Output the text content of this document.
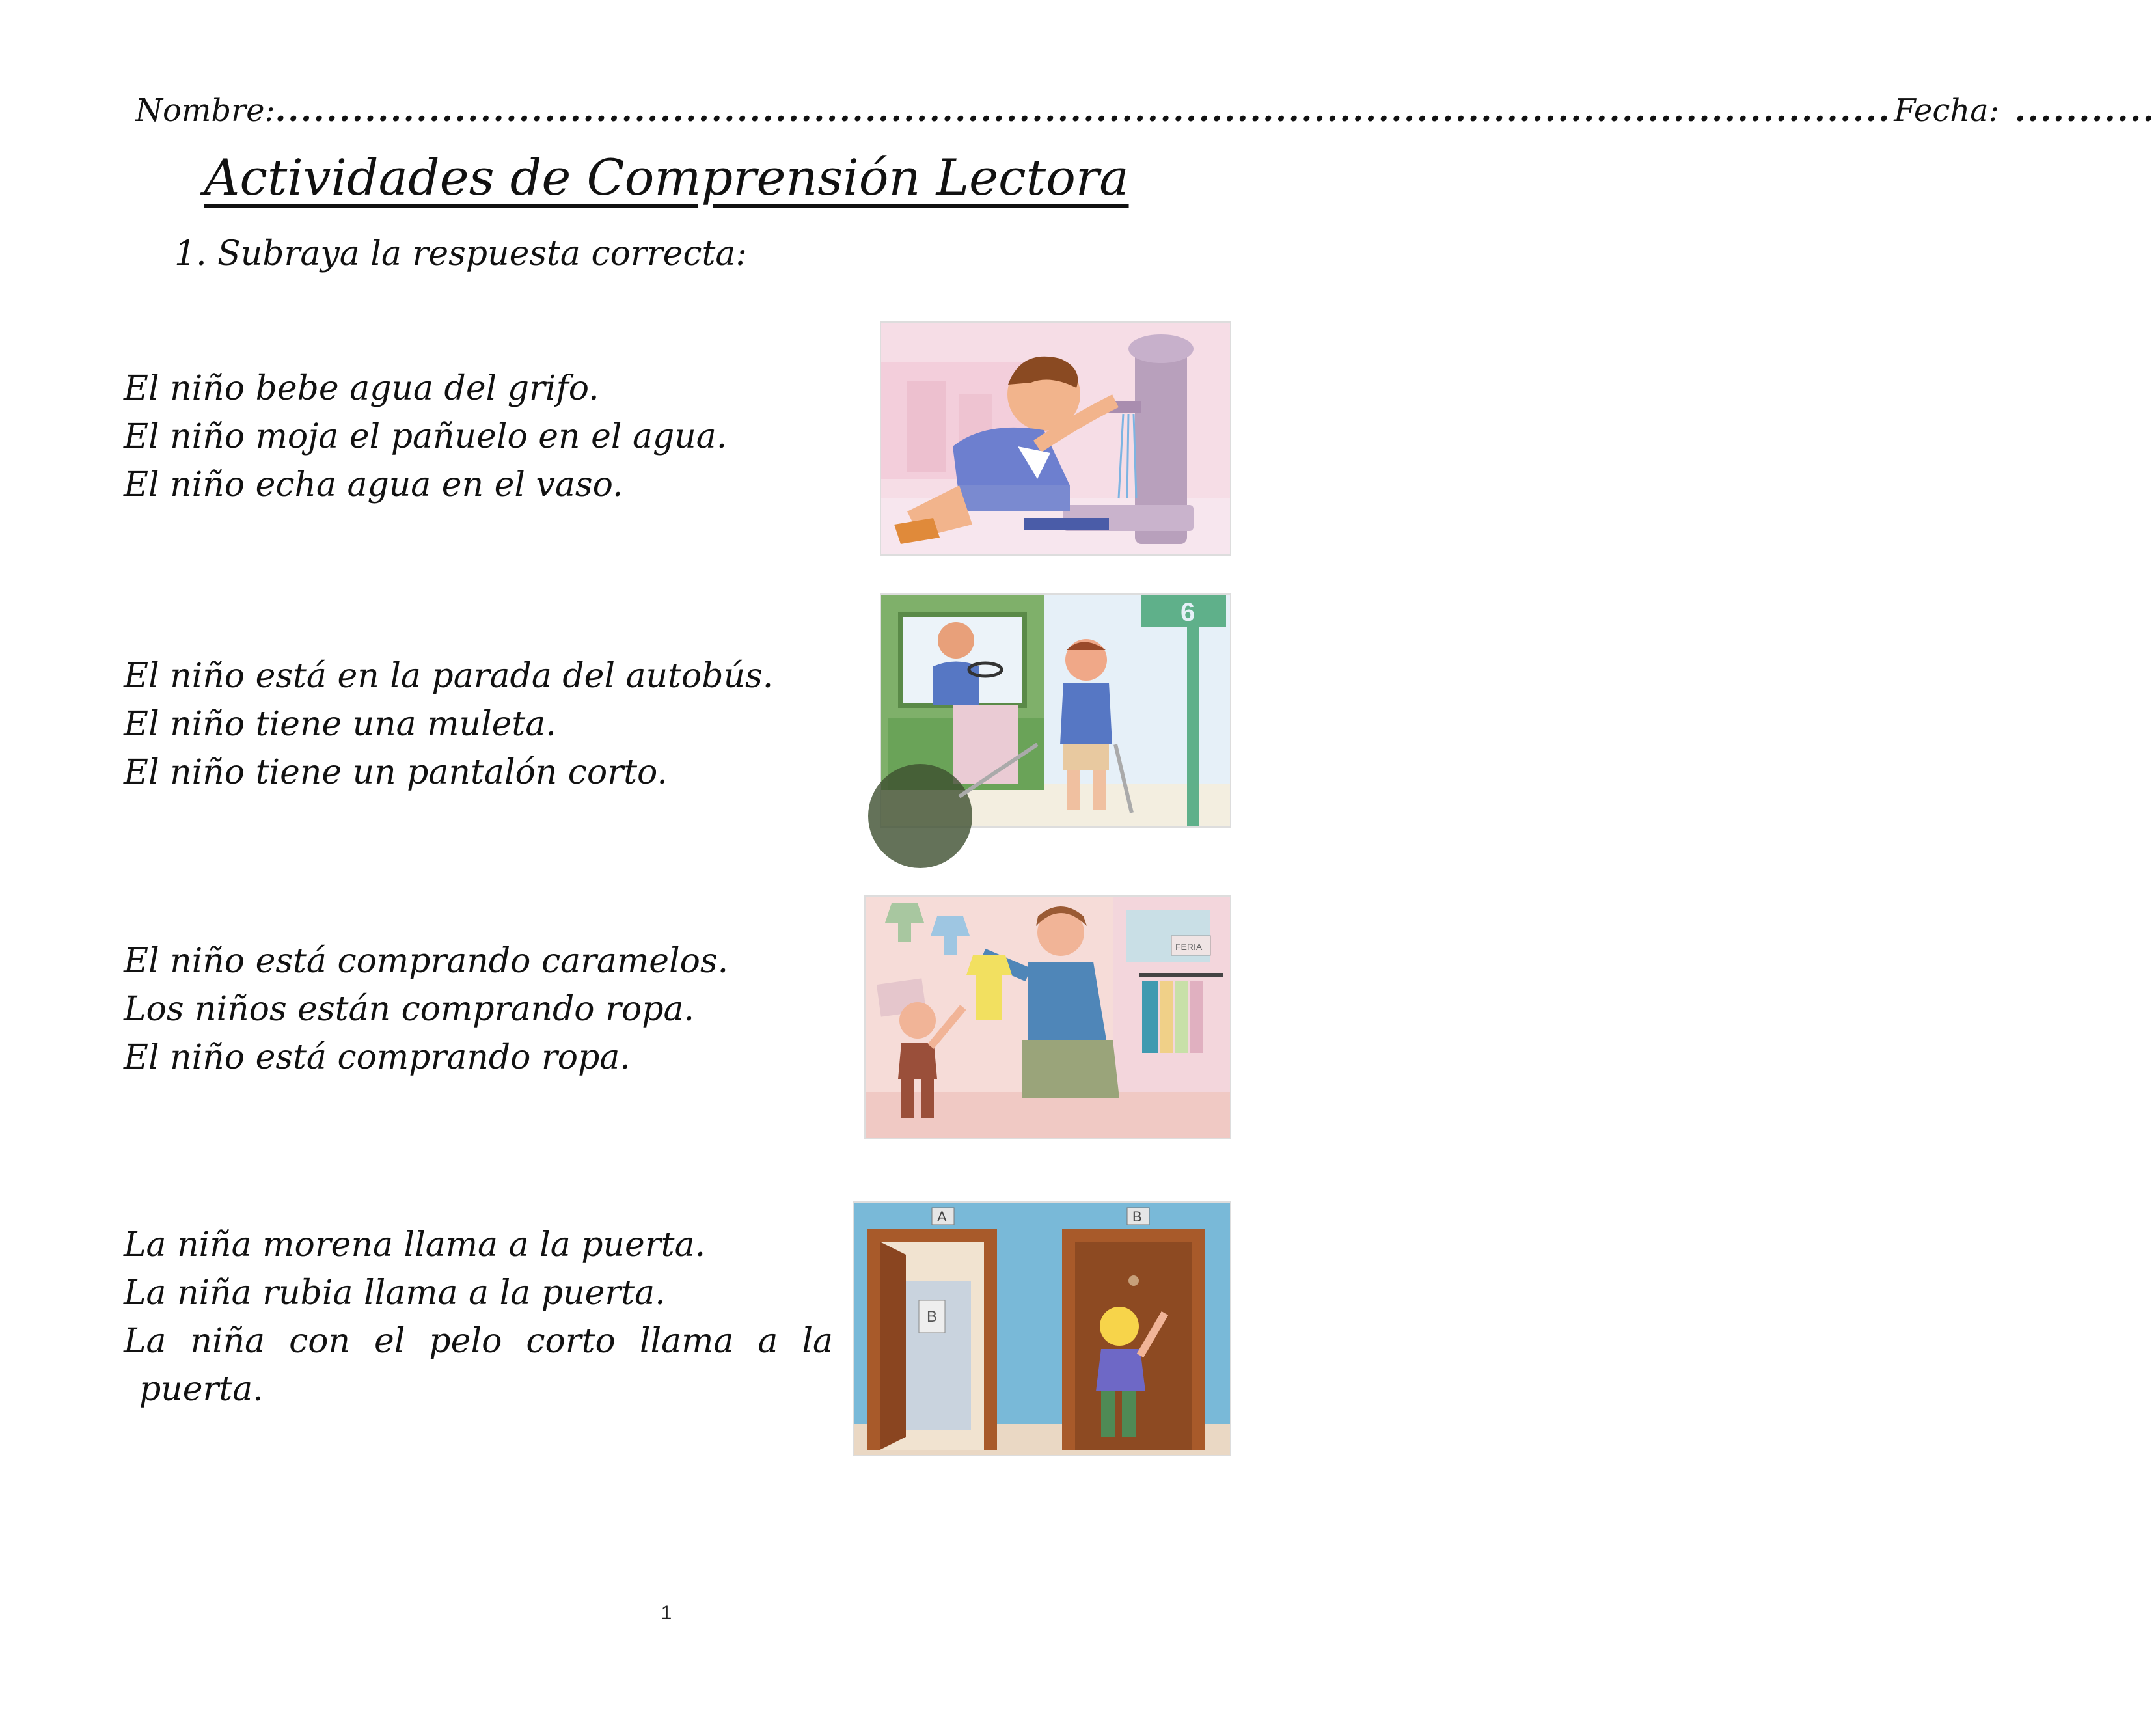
Nombre: .............................................................................................................................. Fecha: ...........
Actividades de Comprensión Lectora
1. Subraya la respuesta correcta:
El niño bebe agua del grifo.
El niño moja el pañuelo en el agua.
El niño echa agua en el vaso.
El niño está en la parada del autobús.
El niño tiene una muleta.
El niño tiene un pantalón corto.
El niño está comprando caramelos.
Los niños están comprando ropa.
El niño está comprando ropa.
La niña morena llama a la puerta.
La niña rubia llama a la puerta.
La niña con el pelo corto llama a la
puerta.
6
FERIA
B
A	B
1
